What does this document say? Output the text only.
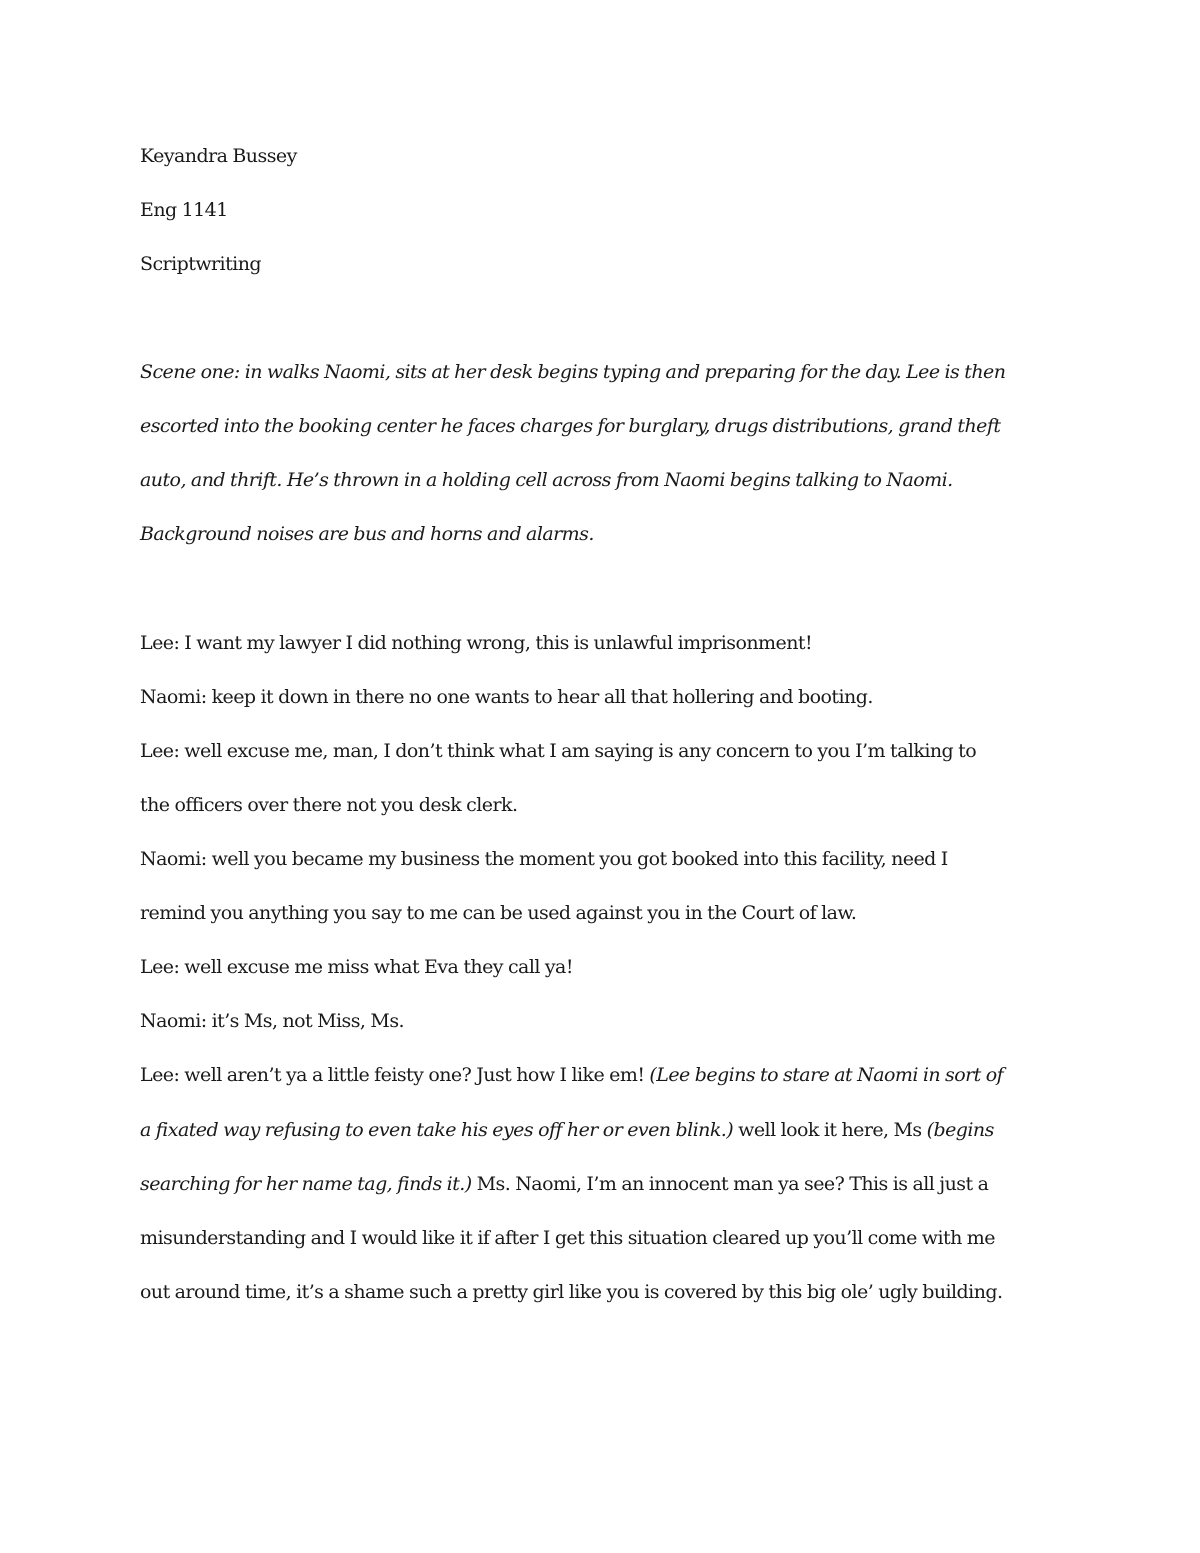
Keyandra Bussey
Eng 1141
Scriptwriting
Scene one: in walks Naomi, sits at her desk begins typing and preparing for the day. Lee is then
escorted into the booking center he faces charges for burglary, drugs distributions, grand theft
auto, and thrift. He’s thrown in a holding cell across from Naomi begins talking to Naomi.
Background noises are bus and horns and alarms.
Lee: I want my lawyer I did nothing wrong, this is unlawful imprisonment!
Naomi: keep it down in there no one wants to hear all that hollering and booting.
Lee: well excuse me, man, I don’t think what I am saying is any concern to you I’m talking to
the officers over there not you desk clerk.
Naomi: well you became my business the moment you got booked into this facility, need I
remind you anything you say to me can be used against you in the Court of law.
Lee: well excuse me miss what Eva they call ya!
Naomi: it’s Ms, not Miss, Ms.
Lee: well aren’t ya a little feisty one? Just how I like em! (Lee begins to stare at Naomi in sort of
a fixated way refusing to even take his eyes off her or even blink.) well look it here, Ms (begins
searching for her name tag, finds it.) Ms. Naomi, I’m an innocent man ya see? This is all just a
misunderstanding and I would like it if after I get this situation cleared up you’ll come with me
out around time, it’s a shame such a pretty girl like you is covered by this big ole’ ugly building.
